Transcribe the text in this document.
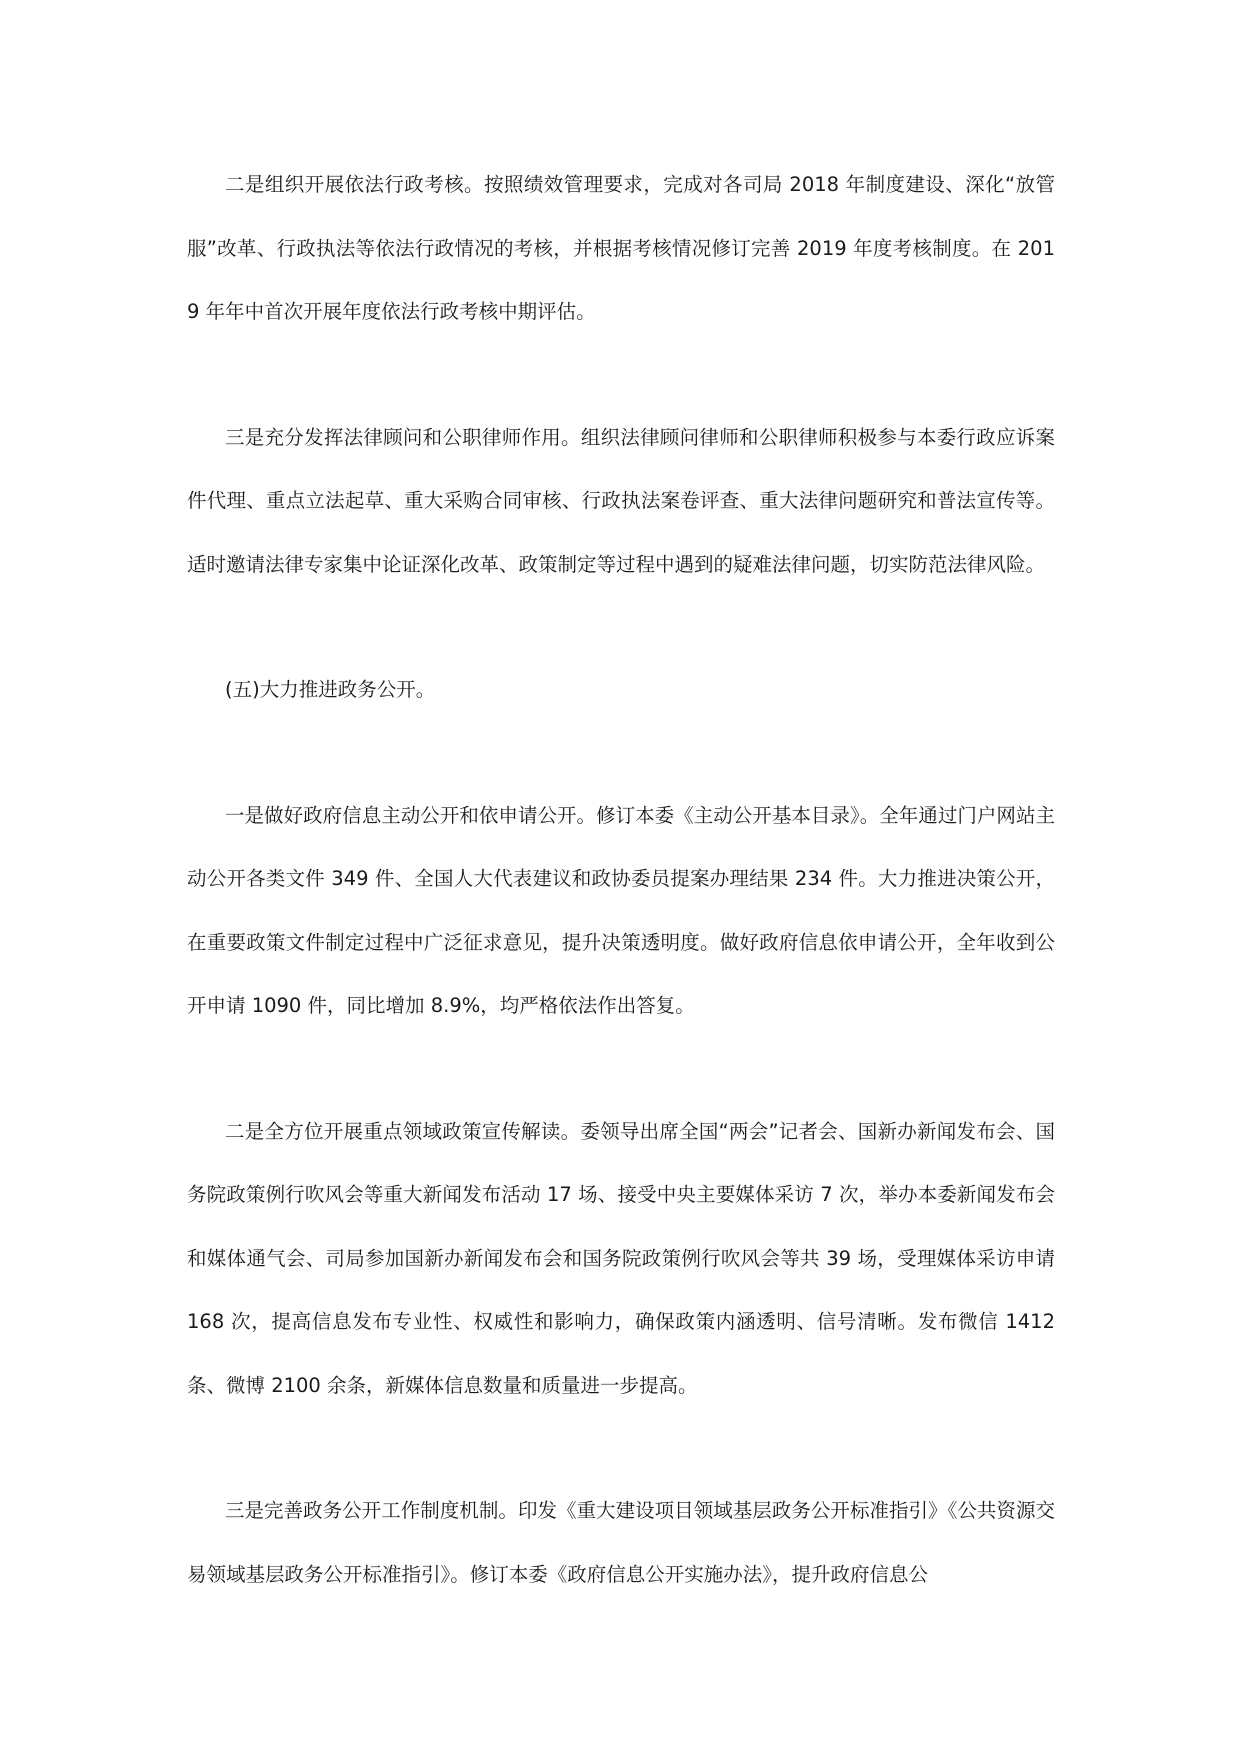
二是组织开展依法行政考核。按照绩效管理要求，完成对各司局 2018 年制度建设、深化“放管服”改革、行政执法等依法行政情况的考核，并根据考核情况修订完善 2019 年度考核制度。在 2019 年年中首次开展年度依法行政考核中期评估。

三是充分发挥法律顾问和公职律师作用。组织法律顾问律师和公职律师积极参与本委行政应诉案件代理、重点立法起草、重大采购合同审核、行政执法案卷评查、重大法律问题研究和普法宣传等。适时邀请法律专家集中论证深化改革、政策制定等过程中遇到的疑难法律问题，切实防范法律风险。

(五)大力推进政务公开。

一是做好政府信息主动公开和依申请公开。修订本委《主动公开基本目录》。全年通过门户网站主动公开各类文件 349 件、全国人大代表建议和政协委员提案办理结果 234 件。大力推进决策公开，在重要政策文件制定过程中广泛征求意见，提升决策透明度。做好政府信息依申请公开，全年收到公开申请 1090 件，同比增加 8.9%，均严格依法作出答复。

二是全方位开展重点领域政策宣传解读。委领导出席全国“两会”记者会、国新办新闻发布会、国务院政策例行吹风会等重大新闻发布活动 17 场、接受中央主要媒体采访 7 次，举办本委新闻发布会和媒体通气会、司局参加国新办新闻发布会和国务院政策例行吹风会等共 39 场，受理媒体采访申请 168 次，提高信息发布专业性、权威性和影响力，确保政策内涵透明、信号清晰。发布微信 1412 条、微博 2100 余条，新媒体信息数量和质量进一步提高。

三是完善政务公开工作制度机制。印发《重大建设项目领域基层政务公开标准指引》《公共资源交易领域基层政务公开标准指引》。修订本委《政府信息公开实施办法》，提升政府信息公
